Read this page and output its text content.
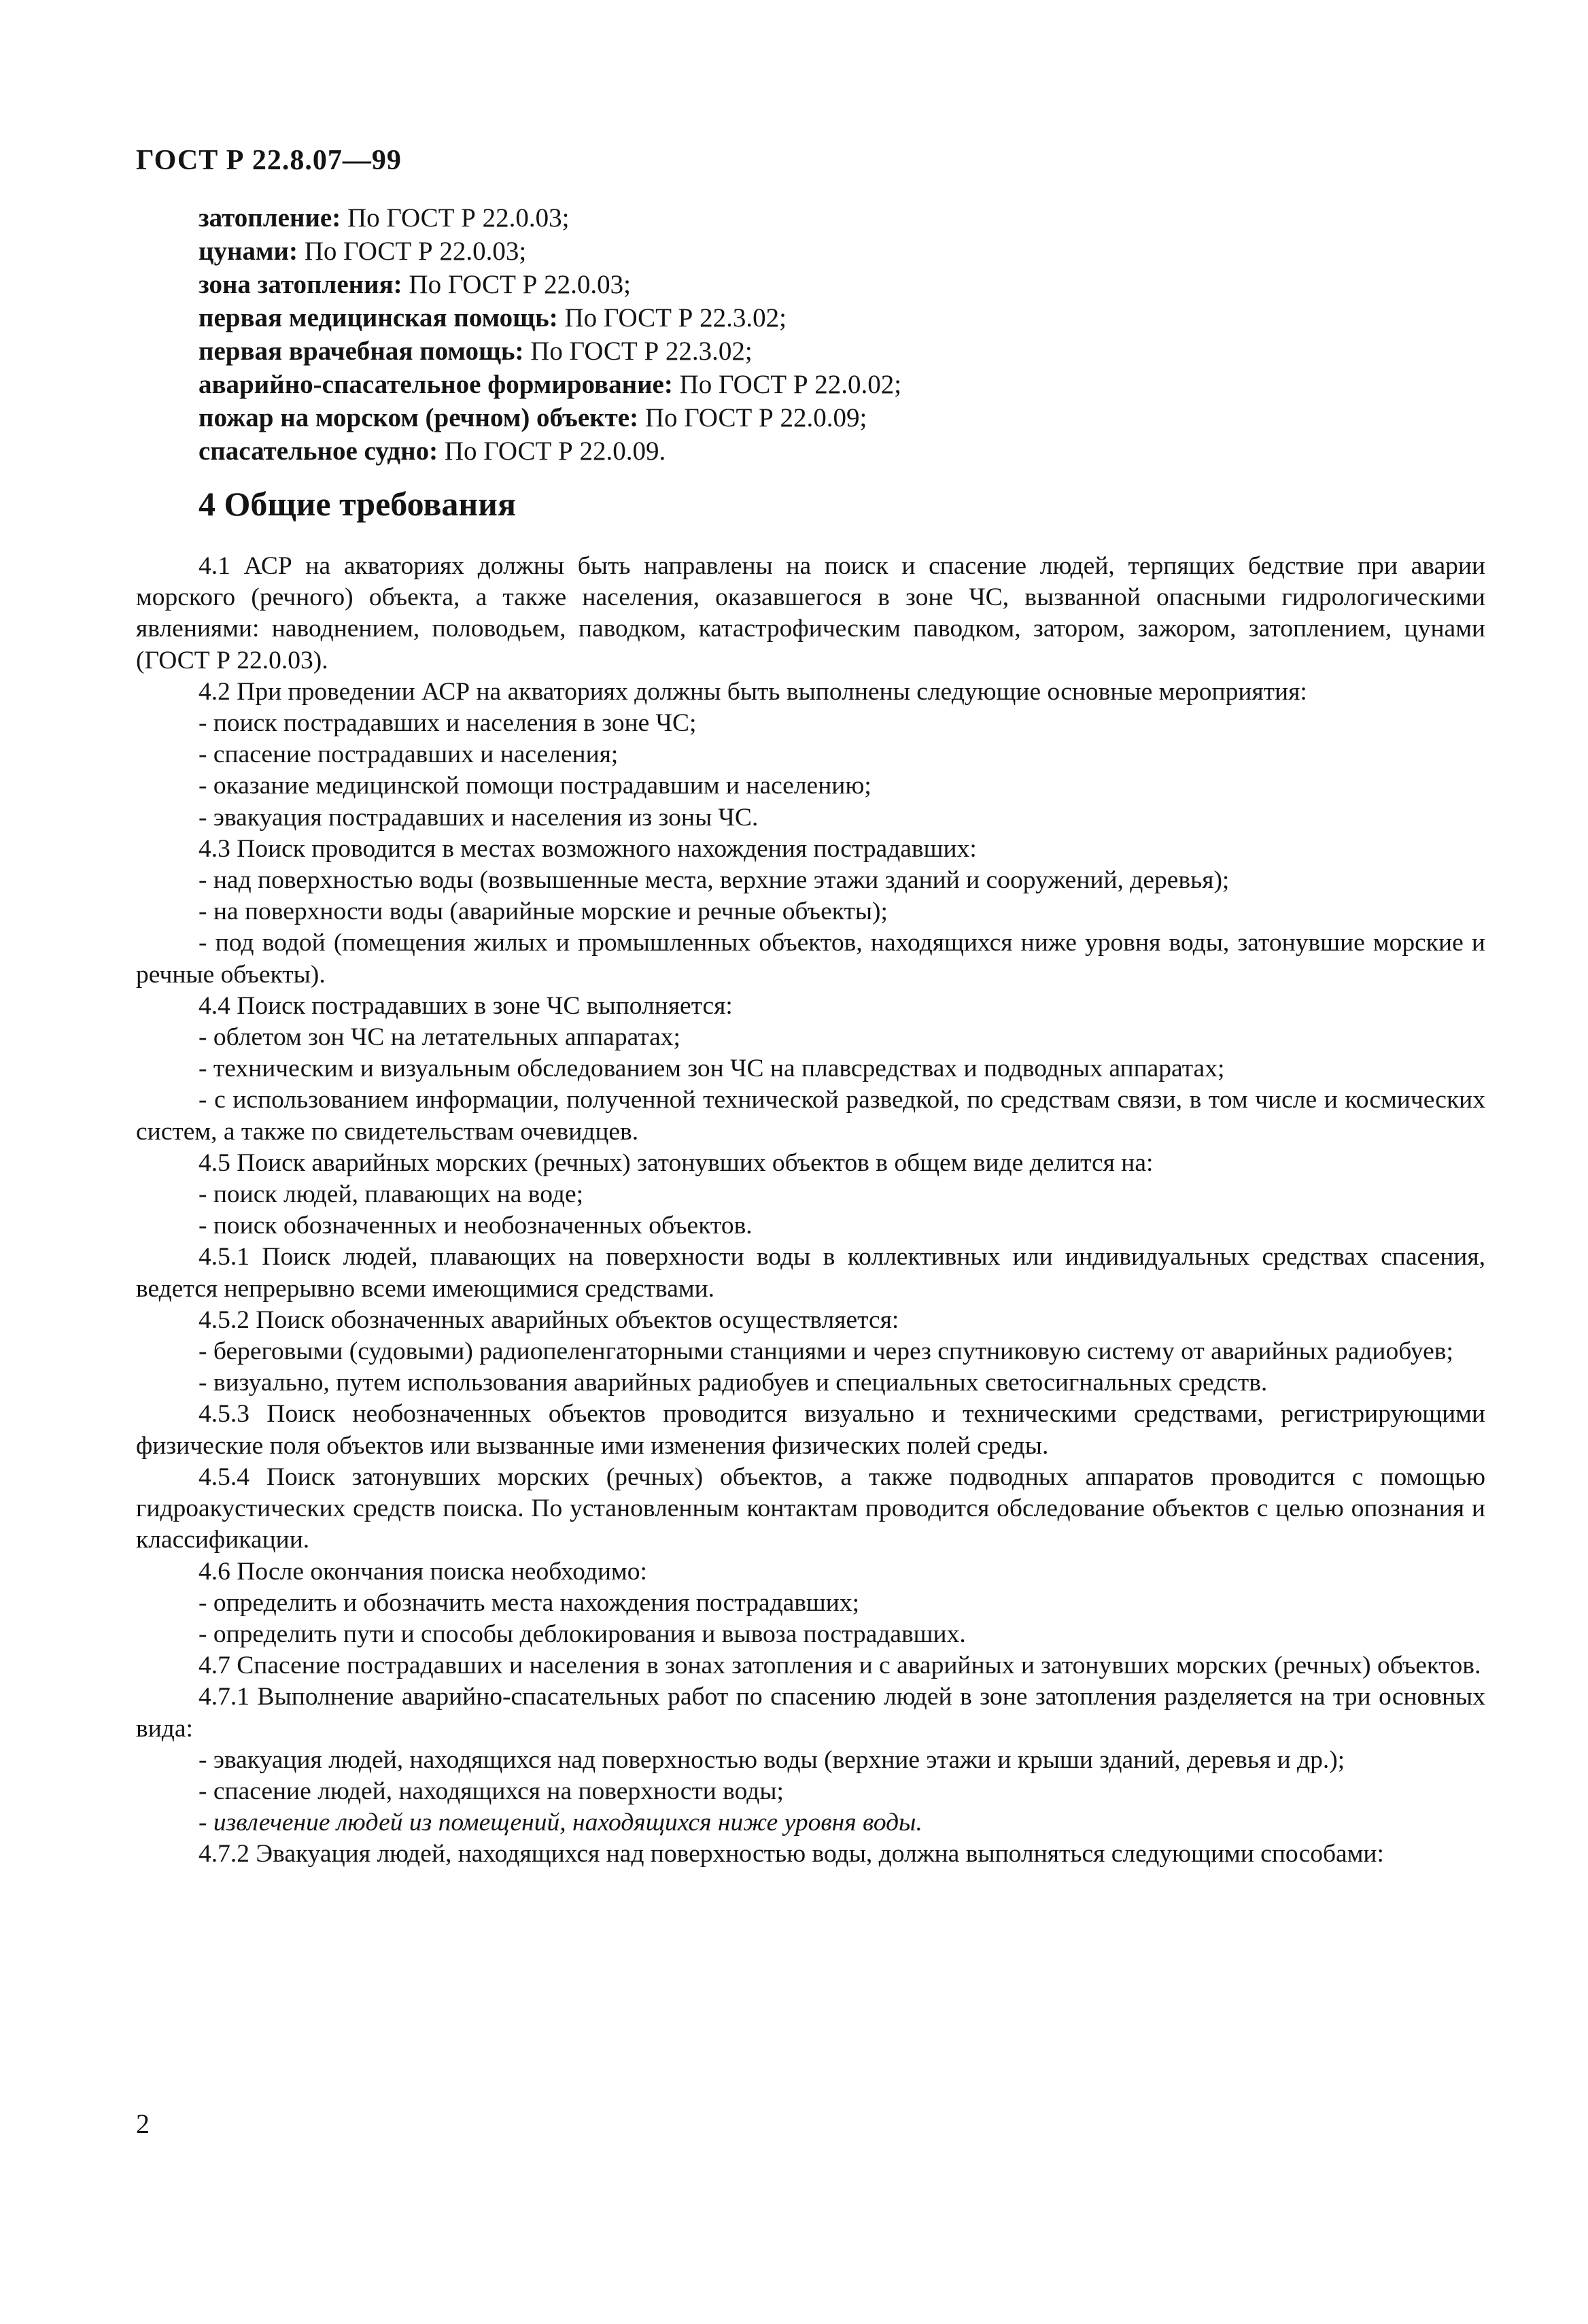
ГОСТ Р 22.8.07—99
затопление: По ГОСТ Р 22.0.03;
цунами: По ГОСТ Р 22.0.03;
зона затопления: По ГОСТ Р 22.0.03;
первая медицинская помощь: По ГОСТ Р 22.3.02;
первая врачебная помощь: По ГОСТ Р 22.3.02;
аварийно-спасательное формирование: По ГОСТ Р 22.0.02;
пожар на морском (речном) объекте: По ГОСТ Р 22.0.09;
спасательное судно: По ГОСТ Р 22.0.09.
4 Общие требования

4.1 АСР на акваториях должны быть направлены на поиск и спасение людей, терпящих бедствие при аварии морского (речного) объекта, а также населения, оказавшегося в зоне ЧС, вызванной опасными гидрологическими явлениями: наводнением, половодьем, паводком, катастрофическим паводком, затором, зажором, затоплением, цунами (ГОСТ Р 22.0.03).

4.2 При проведении АСР на акваториях должны быть выполнены следующие основные мероприятия:

- поиск пострадавших и населения в зоне ЧС;

- спасение пострадавших и населения;

- оказание медицинской помощи пострадавшим и населению;

- эвакуация пострадавших и населения из зоны ЧС.

4.3 Поиск проводится в местах возможного нахождения пострадавших:

- над поверхностью воды (возвышенные места, верхние этажи зданий и сооружений, деревья);

- на поверхности воды (аварийные морские и речные объекты);

- под водой (помещения жилых и промышленных объектов, находящихся ниже уровня воды, затонувшие морские и речные объекты).

4.4 Поиск пострадавших в зоне ЧС выполняется:

- облетом зон ЧС на летательных аппаратах;

- техническим и визуальным обследованием зон ЧС на плавсредствах и подводных аппаратах;

- с использованием информации, полученной технической разведкой, по средствам связи, в том числе и космических систем, а также по свидетельствам очевидцев.

4.5 Поиск аварийных морских (речных) затонувших объектов в общем виде делится на:

- поиск людей, плавающих на воде;

- поиск обозначенных и необозначенных объектов.

4.5.1 Поиск людей, плавающих на поверхности воды в коллективных или индивидуальных средствах спасения, ведется непрерывно всеми имеющимися средствами.

4.5.2 Поиск обозначенных аварийных объектов осуществляется:

- береговыми (судовыми) радиопеленгаторными станциями и через спутниковую систему от аварийных радиобуев;

- визуально, путем использования аварийных радиобуев и специальных светосигнальных средств.

4.5.3 Поиск необозначенных объектов проводится визуально и техническими средствами, регистрирующими физические поля объектов или вызванные ими изменения физических полей среды.

4.5.4 Поиск затонувших морских (речных) объектов, а также подводных аппаратов проводится с помощью гидроакустических средств поиска. По установленным контактам проводится обследование объектов с целью опознания и классификации.

4.6 После окончания поиска необходимо:

- определить и обозначить места нахождения пострадавших;

- определить пути и способы деблокирования и вывоза пострадавших.

4.7 Спасение пострадавших и населения в зонах затопления и с аварийных и затонувших морских (речных) объектов.

4.7.1 Выполнение аварийно-спасательных работ по спасению людей в зоне затопления разделяется на три основных вида:

- эвакуация людей, находящихся над поверхностью воды (верхние этажи и крыши зданий, деревья и др.);

- спасение людей, находящихся на поверхности воды;

- извлечение людей из помещений, находящихся ниже уровня воды.

4.7.2 Эвакуация людей, находящихся над поверхностью воды, должна выполняться следующими способами:

2
